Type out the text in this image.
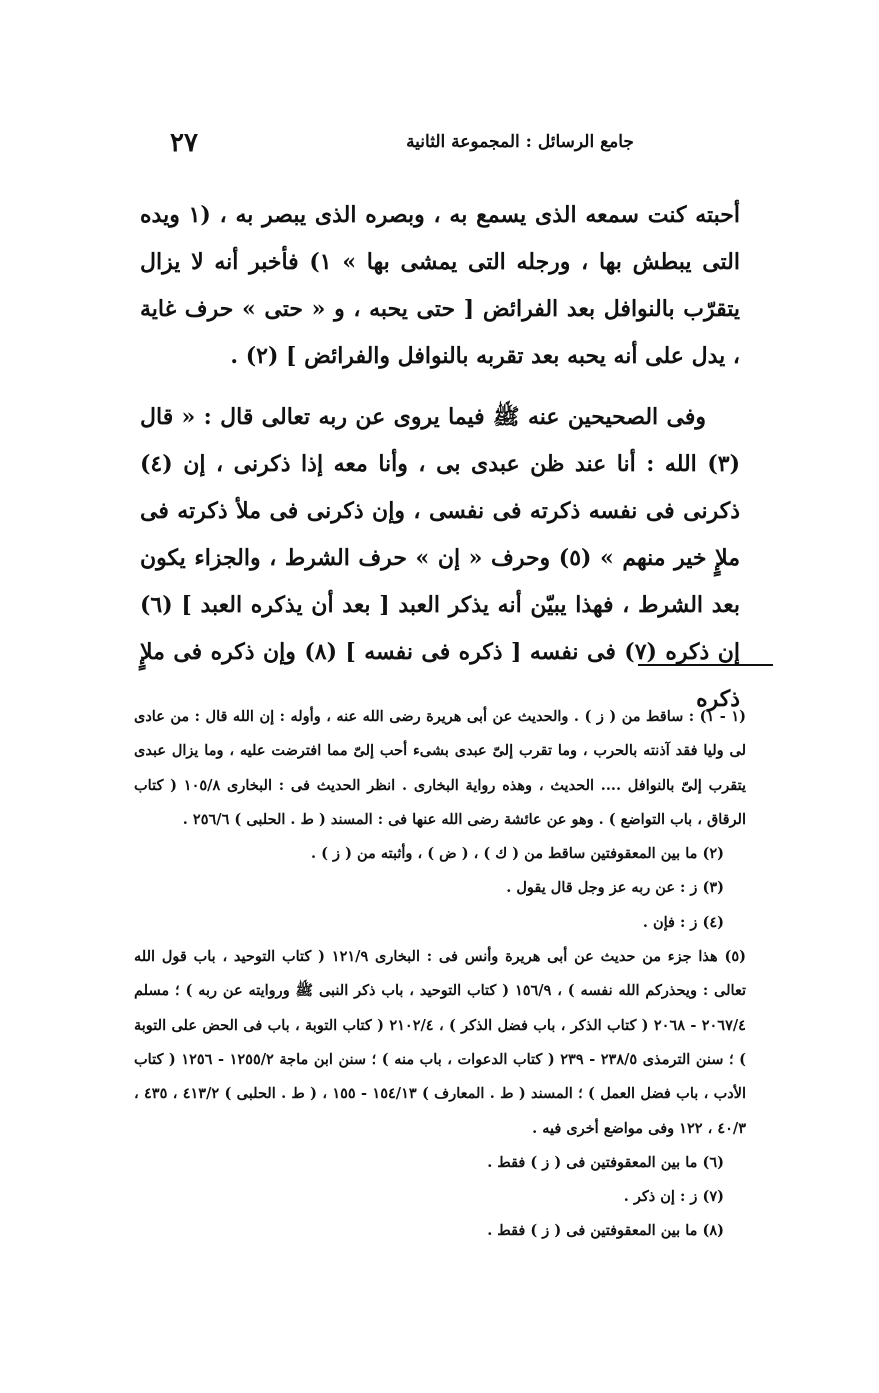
٢٧	جامع الرسائل : المجموعة الثانية

أحبته كنت سمعه الذى يسمع به ، وبصره الذى يبصر به ، (١ ويده التى يبطش بها ، ورجله التى يمشى بها » ١) فأخبر أنه لا يزال يتقرّب بالنوافل بعد الفرائض [ حتى يحبه ، و « حتى » حرف غاية ، يدل على أنه يحبه بعد تقربه بالنوافل والفرائض ] (٢) .

وفى الصحيحين عنه ﷺ فيما يروى عن ربه تعالى قال : « قال (٣) الله : أنا عند ظن عبدى بى ، وأنا معه إذا ذكرنى ، إن (٤) ذكرنى فى نفسه ذكرته فى نفسى ، وإن ذكرنى فى ملأ ذكرته فى ملإٍ خير منهم » (٥) وحرف « إن » حرف الشرط ، والجزاء يكون بعد الشرط ، فهذا يبيّن أنه يذكر العبد [ بعد أن يذكره العبد ] (٦) إن ذكره (٧) فى نفسه [ ذكره فى نفسه ] (٨) وإن ذكره فى ملإٍ ذكره

(١ - ١) : ساقط من ( ز ) . والحديث عن أبى هريرة رضى الله عنه ، وأوله : إن الله قال : من عادى لى وليا فقد آذنته بالحرب ، وما تقرب إلىّ عبدى بشىء أحب إلىّ مما افترضت عليه ، وما يزال عبدى يتقرب إلىّ بالنوافل .... الحديث ، وهذه رواية البخارى . انظر الحديث فى : البخارى ١٠٥/٨ ( كتاب الرقاق ، باب التواضع ) . وهو عن عائشة رضى الله عنها فى : المسند ( ط . الحلبى ) ٢٥٦/٦ .

(٢) ما بين المعقوفتين ساقط من ( ك ) ، ( ض ) ، وأثبته من ( ز ) .

(٣) ز : عن ربه عز وجل قال يقول .

(٤) ز : فإن .

(٥) هذا جزء من حديث عن أبى هريرة وأنس فى : البخارى ١٢١/٩ ( كتاب التوحيد ، باب قول الله تعالى : ويحذركم الله نفسه ) ، ١٥٦/٩ ( كتاب التوحيد ، باب ذكر النبى ﷺ وروايته عن ربه ) ؛ مسلم ٢٠٦٧/٤ - ٢٠٦٨ ( كتاب الذكر ، باب فضل الذكر ) ، ٢١٠٢/٤ ( كتاب التوبة ، باب فى الحض على التوبة ) ؛ سنن الترمذى ٢٣٨/٥ - ٢٣٩ ( كتاب الدعوات ، باب منه ) ؛ سنن ابن ماجة ١٢٥٥/٢ - ١٢٥٦ ( كتاب الأدب ، باب فضل العمل ) ؛ المسند ( ط . المعارف ) ١٥٤/١٣ - ١٥٥ ، ( ط . الحلبى ) ٤١٣/٢ ، ٤٣٥ ، ٤٠/٣ ، ١٢٢ وفى مواضع أخرى فيه .

(٦) ما بين المعقوفتين فى ( ز ) فقط .

(٧) ز : إن ذكر .

(٨) ما بين المعقوفتين فى ( ز ) فقط .
